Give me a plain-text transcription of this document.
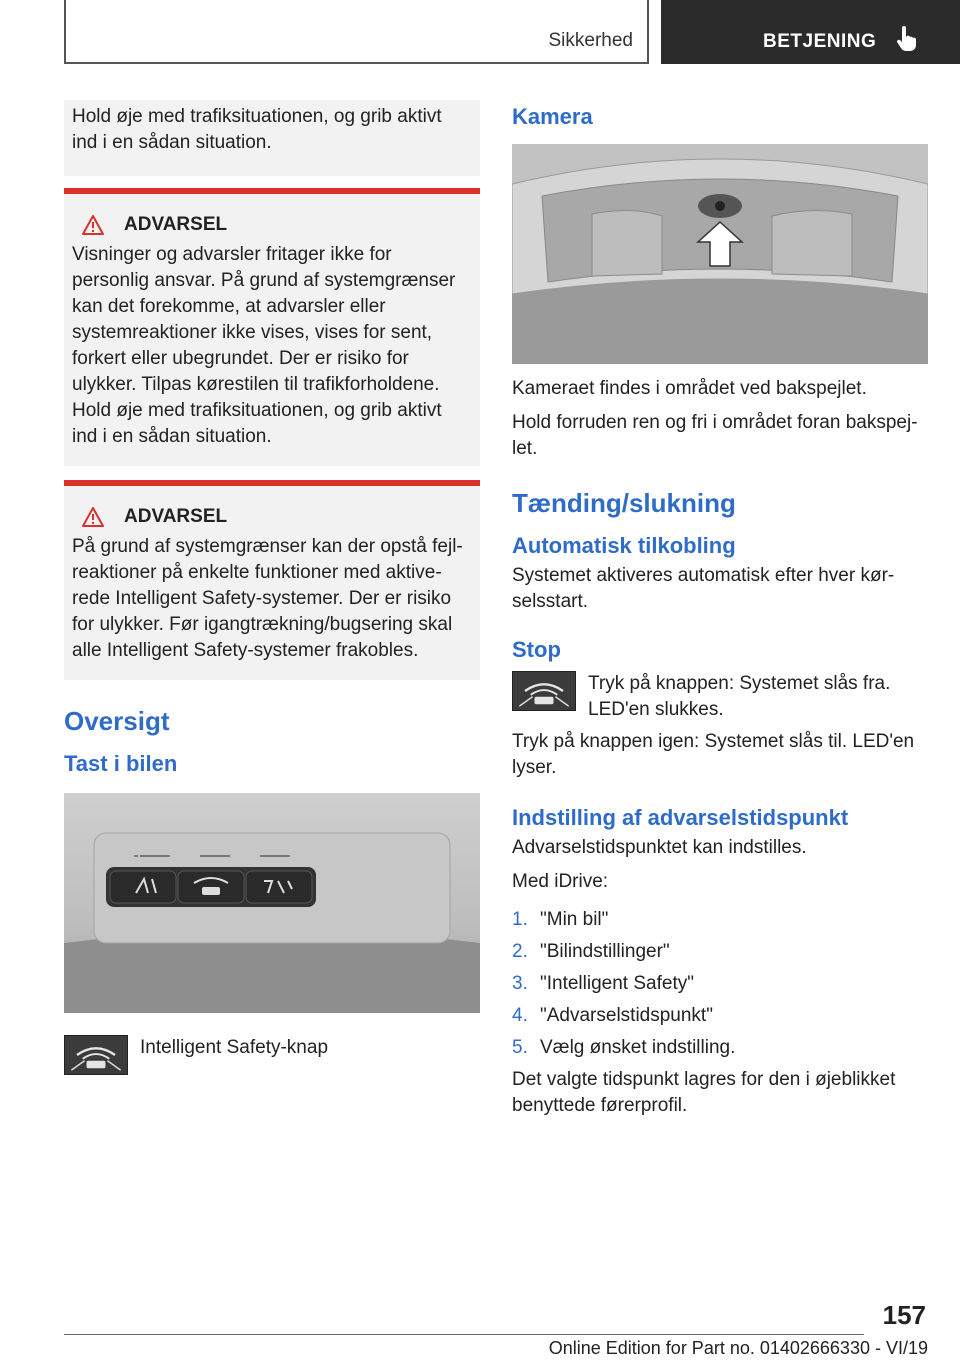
Sikkerhed	BETJENING

Hold øje med trafiksituationen, og grib aktivt ind i en sådan situation.

ADVARSEL

Visninger og advarsler fritager ikke for personlig ansvar. På grund af systemgrænser kan det forekomme, at advarsler eller systemreaktioner ikke vises, vises for sent, forkert eller ubegrundet. Der er risiko for ulykker. Tilpas kørestilen til trafikforholdene. Hold øje med trafiksituationen, og grib aktivt ind i en sådan situation.

ADVARSEL

På grund af systemgrænser kan der opstå fejlreaktioner på enkelte funktioner med aktiverede Intelligent Safety-systemer. Der er risiko for ulykker. Før igangtrækning/bugsering skal alle Intelligent Safety-systemer frakobles.

Oversigt
Tast i bilen

Intelligent Safety-knap

Kamera

Kameraet findes i området ved bakspejlet.

Hold forruden ren og fri i området foran bakspejlet.

Tænding/slukning
Automatisk tilkobling

Systemet aktiveres automatisk efter hver kørselsstart.

Stop

Tryk på knappen: Systemet slås fra. LED'en slukkes.

Tryk på knappen igen: Systemet slås til. LED'en lyser.

Indstilling af advarselstidspunkt

Advarselstidspunktet kan indstilles.

Med iDrive:

1. "Min bil"
2. "Bilindstillinger"
3. "Intelligent Safety"
4. "Advarselstidspunkt"
5. Vælg ønsket indstilling.

Det valgte tidspunkt lagres for den i øjeblikket benyttede førerprofil.

157
Online Edition for Part no. 01402666330 - VI/19
